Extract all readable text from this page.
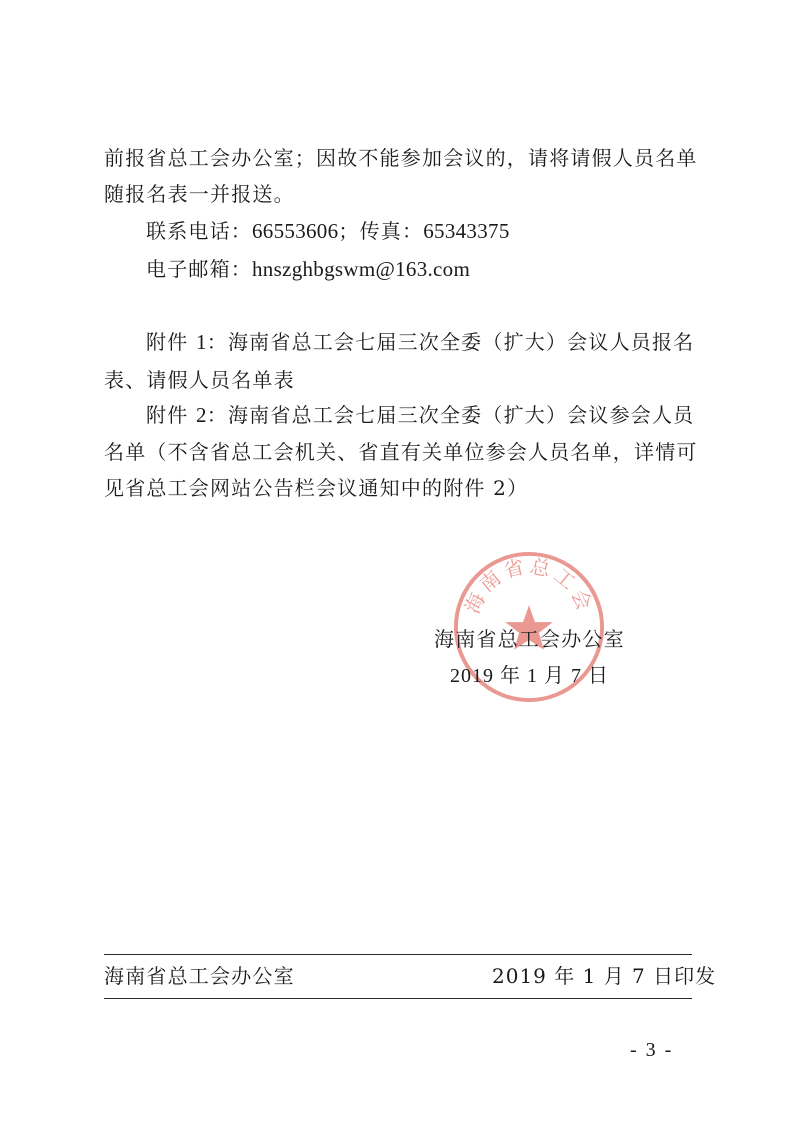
前报省总工会办公室；因故不能参加会议的，请将请假人员名单
随报名表一并报送。
联系电话：66553606；传真：65343375
电子邮箱：hnszghbgswm@163.com
附件 1：海南省总工会七届三次全委（扩大）会议人员报名
表、请假人员名单表
附件 2：海南省总工会七届三次全委（扩大）会议参会人员
名单（不含省总工会机关、省直有关单位参会人员名单，详情可
见省总工会网站公告栏会议通知中的附件 2）
海南省总工会
海南省总工会办公室
2019 年 1 月 7 日
海南省总工会办公室	2019 年 1 月 7 日印发
- 3 -
